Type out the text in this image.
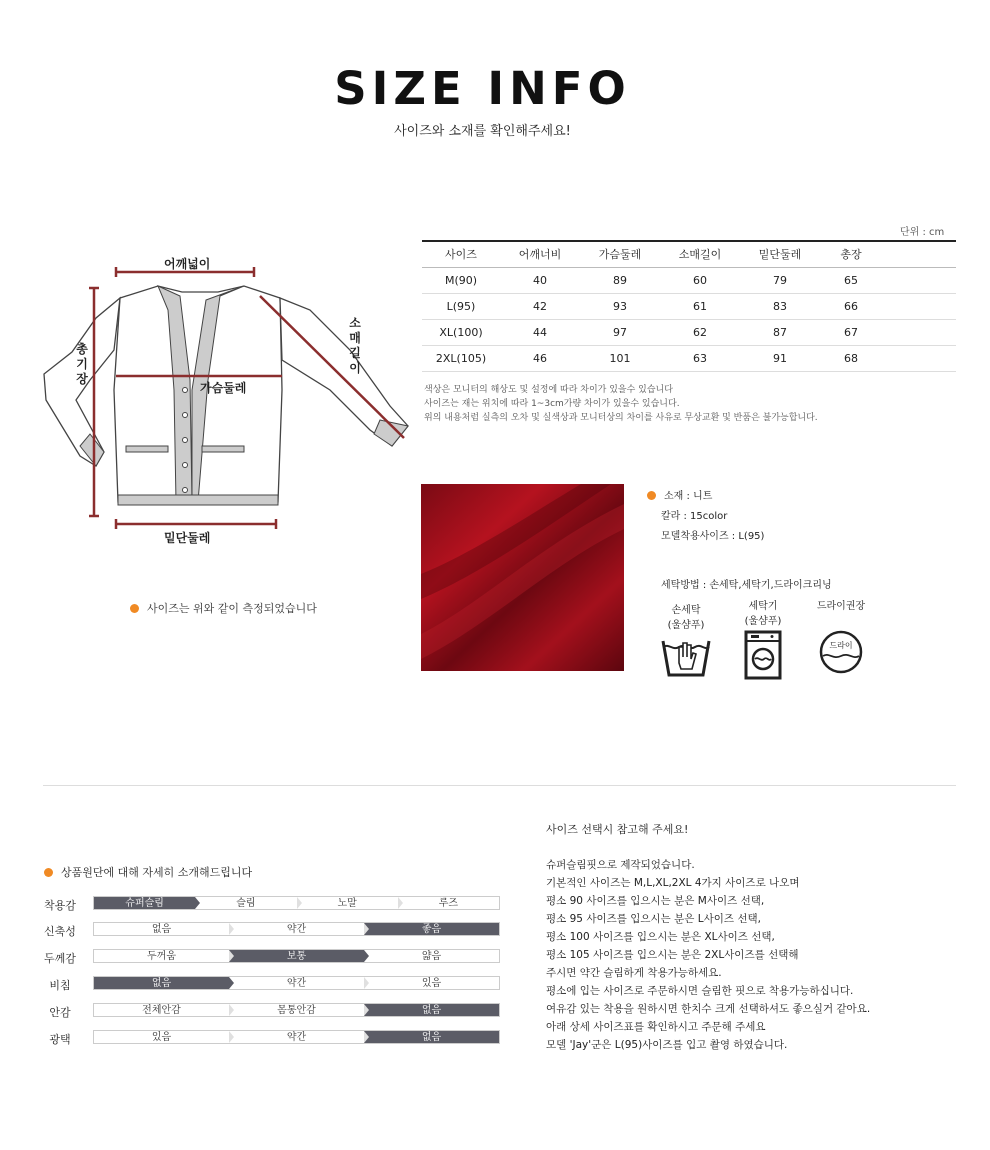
SIZE INFO
사이즈와 소재를 확인해주세요!
어깨넓이
총
기
장
소
매
길
이
가슴둘레
밑단둘레
사이즈는 위와 같이 측정되었습니다
단위 : cm
사이즈	어깨너비	가슴둘레	소매길이	밑단둘레	총장	
M(90)	40	89	60	79	65	
L(95)	42	93	61	83	66	
XL(100)	44	97	62	87	67	
2XL(105)	46	101	63	91	68	
색상은 모니터의 해상도 및 설정에 따라 차이가 있을수 있습니다
사이즈는 재는 위치에 따라 1~3cm가량 차이가 있을수 있습니다.
위의 내용처럼 실측의 오차 및 실색상과 모니터상의 차이를 사유로 무상교환 및 반품은 불가능합니다.
소재 : 니트
칼라 : 15color
모델착용사이즈 : L(95)
세탁방법 : 손세탁,세탁기,드라이크리닝
손세탁
(울샴푸)
세탁기
(울샴푸)
드라이권장
드라이
상품원단에 대해 자세히 소개해드립니다
착용감	슈퍼슬림	슬림	노말	루즈
신축성	없음	약간	좋음
두께감	두꺼움	보통	얇음
비침	없음	약간	있음
안감	전체안감	몸통안감	없음
광택	있음	약간	없음
사이즈 선택시 참고해 주세요!
슈퍼슬림핏으로 제작되었습니다.
기본적인 사이즈는 M,L,XL,2XL 4가지 사이즈로 나오며
평소 90 사이즈를 입으시는 분은 M사이즈 선택,
평소 95 사이즈를 입으시는 분은 L사이즈 선택,
평소 100 사이즈를 입으시는 분은 XL사이즈 선택,
평소 105 사이즈를 입으시는 분은 2XL사이즈를 선택해
주시면 약간 슬림하게 착용가능하세요.
평소에 입는 사이즈로 주문하시면 슬림한 핏으로 착용가능하십니다.
여유감 있는 착용을 원하시면 한치수 크게 선택하셔도 좋으실거 같아요.
아래 상세 사이즈표를 확인하시고 주문해 주세요
모델 'Jay'군은 L(95)사이즈를 입고 촬영 하였습니다.
